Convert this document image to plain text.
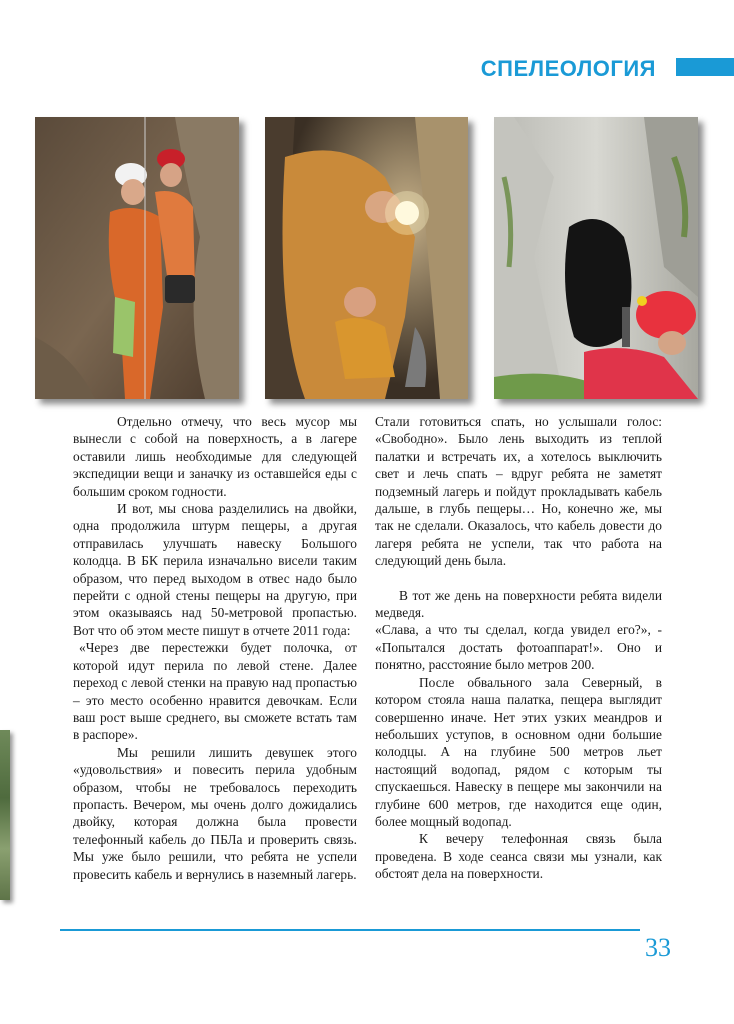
СПЕЛЕОЛОГИЯ

Отдельно отмечу, что весь мусор мы вынесли с собой на поверхность, а в лагере оставили лишь необходимые для следующей экспедиции вещи и заначку из оставшейся еды с большим сроком годности.

И вот, мы снова разделились на двойки, одна продолжила штурм пещеры, а другая отправилась улучшать навеску Большого колодца. В БК перила изначально висели таким образом, что перед выходом в отвес надо было перейти с одной стены пещеры на другую, при этом оказываясь над 50-метровой пропастью. Вот что об этом месте пишут в отчете 2011 года:

«Через две перестежки будет полочка, от которой идут перила по левой стене. Далее переход с левой стенки на правую над пропастью – это место особенно нравится девочкам. Если ваш рост выше среднего, вы сможете встать там в распоре».

Мы решили лишить девушек этого «удовольствия» и повесить перила удобным образом, чтобы не требовалось переходить пропасть. Вечером, мы очень долго дожидались двойку, которая должна была провести телефонный кабель до ПБЛа и проверить связь. Мы уже было решили, что ребята не успели провесить кабель и вернулись в наземный лагерь.

Стали готовиться спать, но услышали голос: «Свободно». Было лень выходить из теплой палатки и встречать их, а хотелось выключить свет и лечь спать – вдруг ребята не заметят подземный лагерь и пойдут прокладывать кабель дальше, в глубь пещеры… Но, конечно же, мы так не сделали. Оказалось, что кабель довести до лагеря ребята не успели, так что работа на следующий день была.

В тот же день на поверхности ребята видели медведя.

«Слава, а что ты сделал, когда увидел его?», - «Попытался достать фотоаппарат!». Оно и понятно, расстояние было метров 200.

После обвального зала Северный, в котором стояла наша палатка, пещера выглядит совершенно иначе. Нет этих узких меандров и небольших уступов, в основном одни большие колодцы. А на глубине 500 метров льет настоящий водопад, рядом с которым ты спускаешься. Навеску в пещере мы закончили на глубине 600 метров, где находится еще один, более мощный водопад.

К вечеру телефонная связь была проведена. В ходе сеанса связи мы узнали, как обстоят дела на поверхности.

33
